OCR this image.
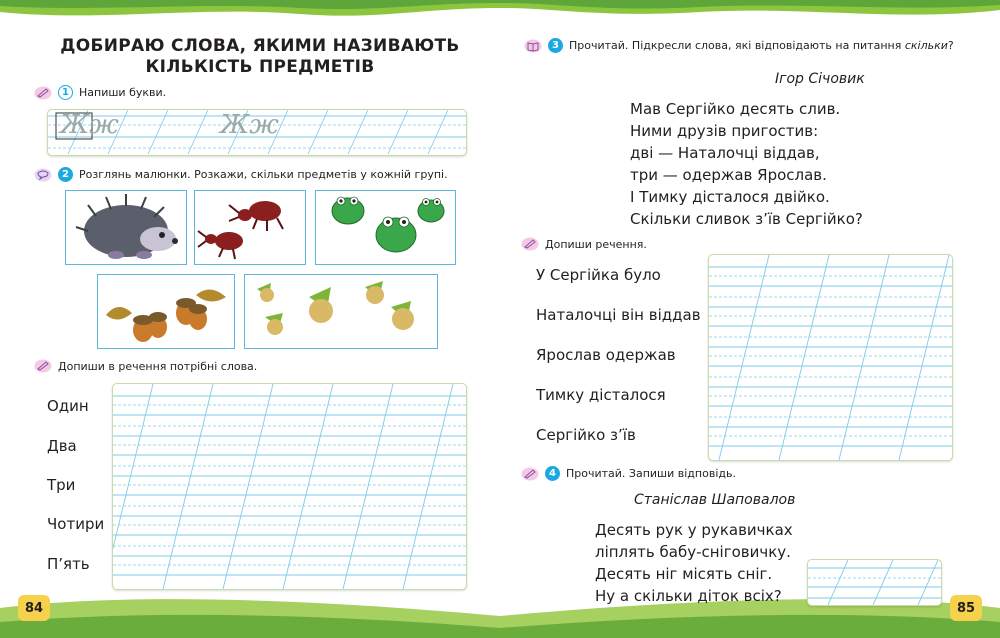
ДОБИРАЮ СЛОВА, ЯКИМИ НАЗИВАЮТЬ
КІЛЬКІСТЬ ПРЕДМЕТІВ
1 Напиши букви.
Жж	Жж
2 Розглянь малюнки. Розкажи, скільки предметів у кожній групі.
Допиши в речення потрібні слова.
Один
Два
Три
Чотири
П’ять
84
3 Прочитай. Підкресли слова, які відповідають на питання скільки?
Ігор Січовик
Мав Сергійко десять слив.
Ними друзів пригостив:
дві — Наталочці віддав,
три — одержав Ярослав.
І Тимку дісталося двійко.
Скільки сливок з’їв Сергійко?
Допиши речення.
У Сергійка було
Наталочці він віддав
Ярослав одержав
Тимку дісталося
Сергійко з’їв
4 Прочитай. Запиши відповідь.
Станіслав Шаповалов
Десять рук у рукавичках
ліплять бабу-сніговичку.
Десять ніг місять сніг.
Ну а скільки діток всіх?
85
